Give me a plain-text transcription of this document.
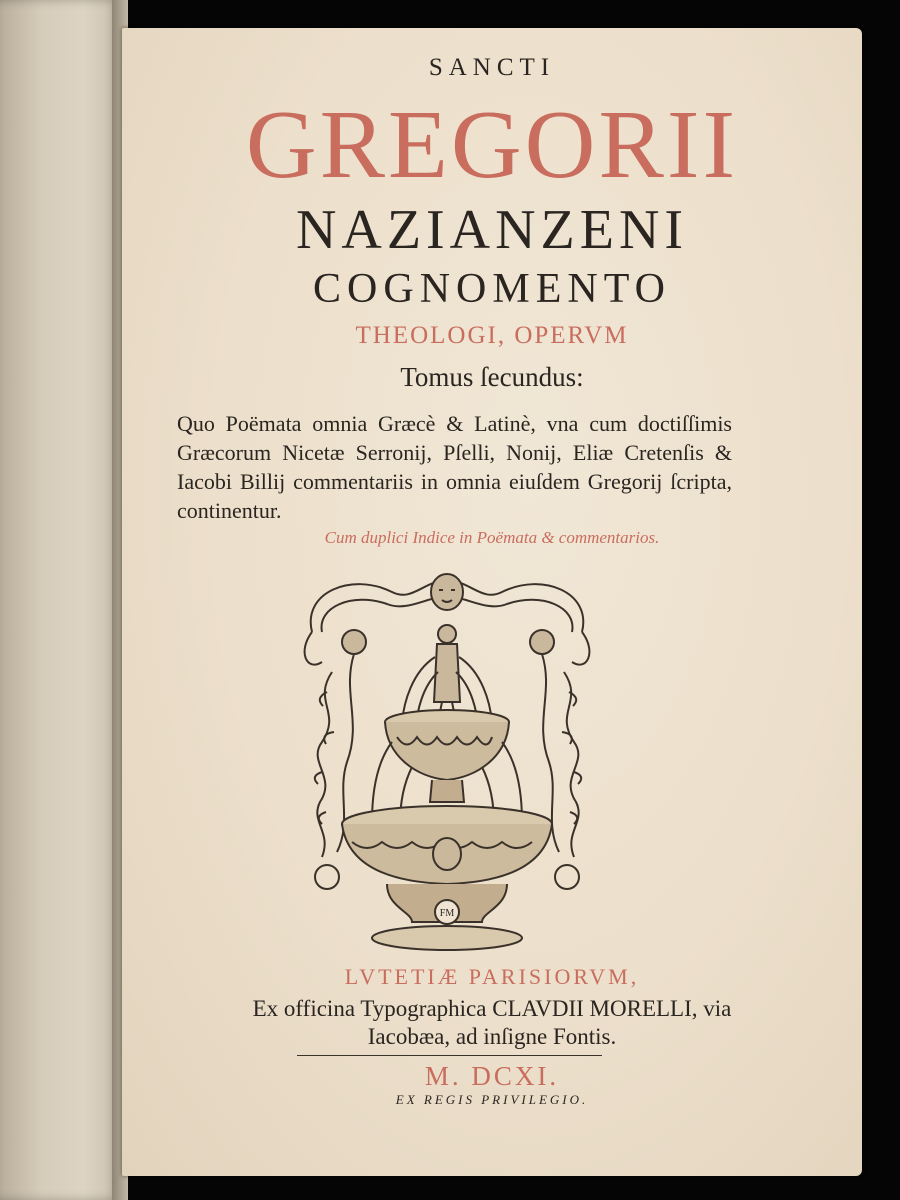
SANCTI
GREGORII
NAZIANZENI
COGNOMENTO
THEOLOGI, OPERVM
Tomus ſecundus:
Quo Poëmata omnia Græcè & Latinè, vna cum doctiſſimis Græcorum Nicetæ Serronij, Pſelli, Nonij, Eliæ Cretenſis & Iacobi Billij commentariis in omnia eiuſdem Gregorij ſcripta, continentur.
Cum duplici Indice in Poëmata & commentarios.
FM
LVTETIÆ PARISIORVM,
Ex officina Typographica CLAVDII MORELLI, via
Iacobæa, ad inſigne Fontis.
M. DCXI.
EX REGIS PRIVILEGIO.
